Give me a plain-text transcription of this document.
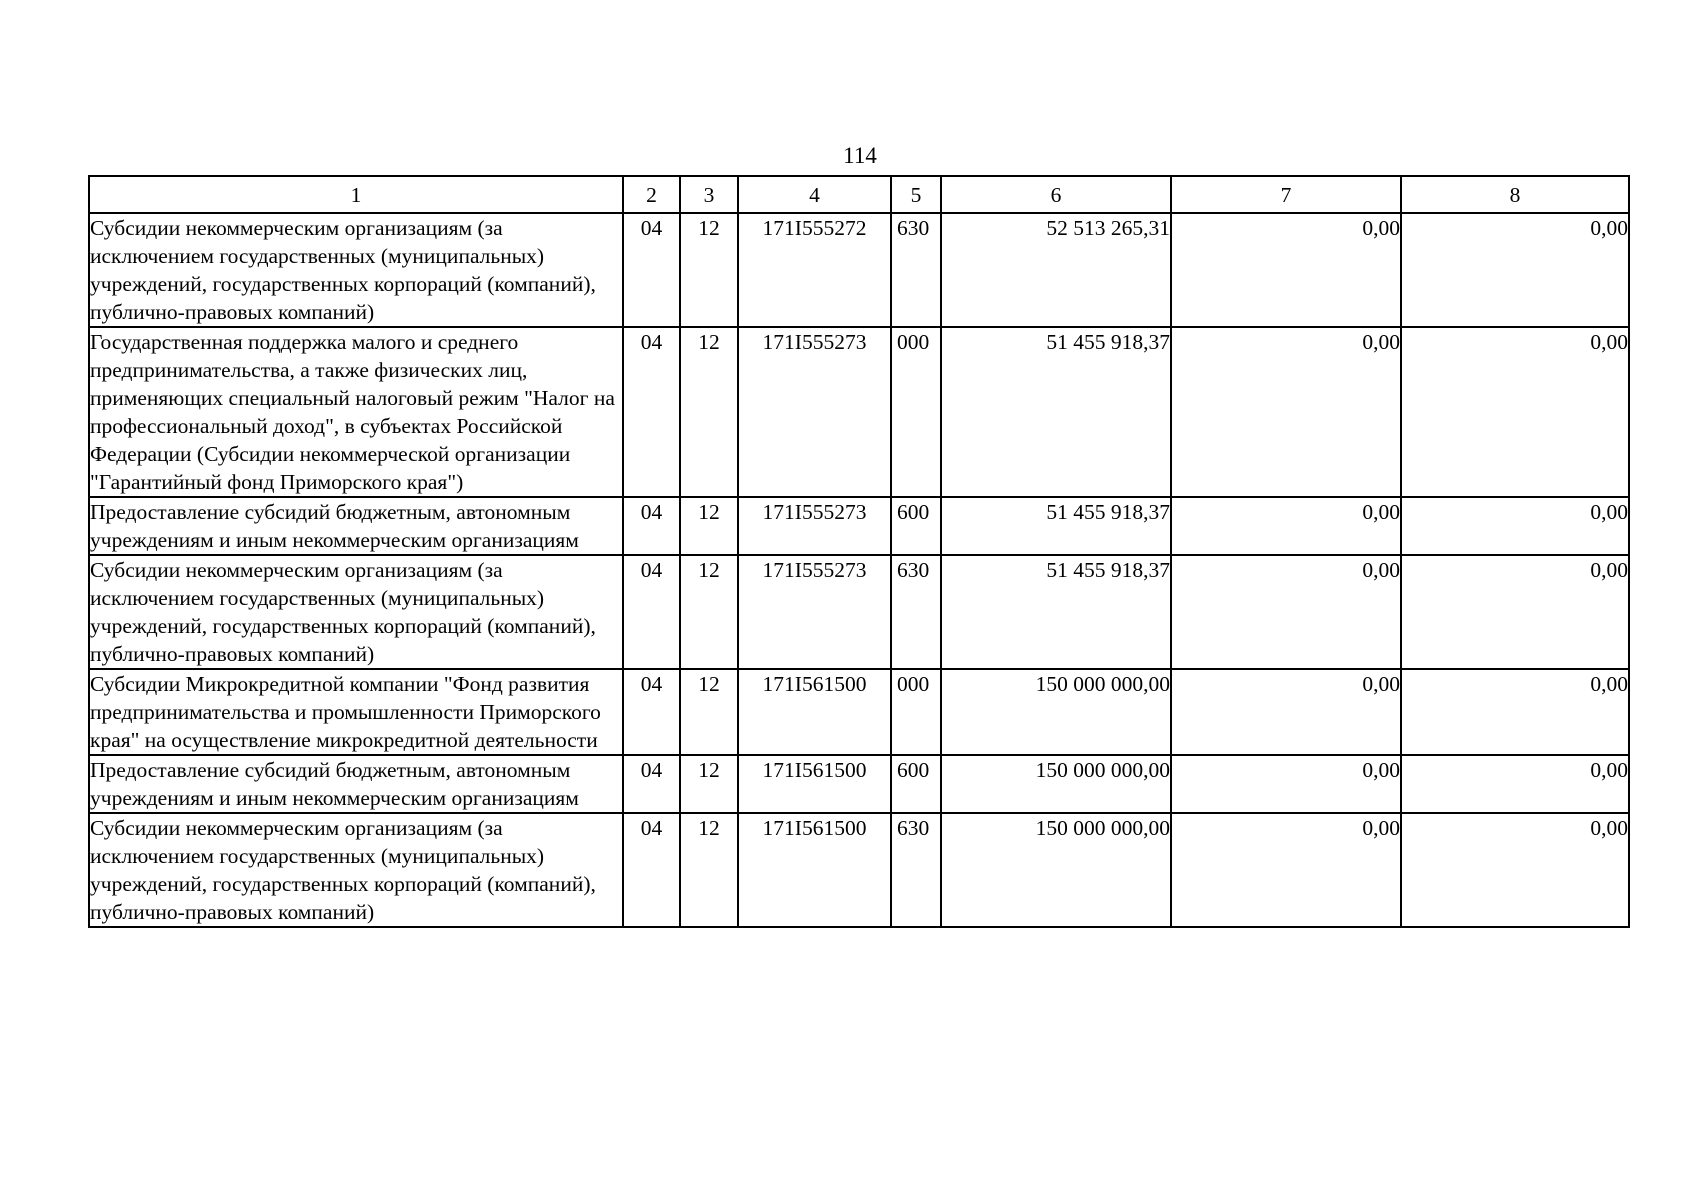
114
1	2	3	4	5	6	7	8
Субсидии некоммерческим организациям (за исключением государственных (муниципальных) учреждений, государственных корпораций (компаний), публично-правовых компаний)	04	12	171I555272	630	52 513 265,31	0,00	0,00
Государственная поддержка малого и среднего предпринимательства, а также физических лиц, применяющих специальный налоговый режим "Налог на профессиональный доход", в субъектах Российской Федерации (Субсидии некоммерческой организации "Гарантийный фонд Приморского края")	04	12	171I555273	000	51 455 918,37	0,00	0,00
Предоставление субсидий бюджетным, автономным учреждениям и иным некоммерческим организациям	04	12	171I555273	600	51 455 918,37	0,00	0,00
Субсидии некоммерческим организациям (за исключением государственных (муниципальных) учреждений, государственных корпораций (компаний), публично-правовых компаний)	04	12	171I555273	630	51 455 918,37	0,00	0,00
Субсидии Микрокредитной компании "Фонд развития предпринимательства и промышленности Приморского края" на осуществление микрокредитной деятельности	04	12	171I561500	000	150 000 000,00	0,00	0,00
Предоставление субсидий бюджетным, автономным учреждениям и иным некоммерческим организациям	04	12	171I561500	600	150 000 000,00	0,00	0,00
Субсидии некоммерческим организациям (за исключением государственных (муниципальных) учреждений, государственных корпораций (компаний), публично-правовых компаний)	04	12	171I561500	630	150 000 000,00	0,00	0,00
